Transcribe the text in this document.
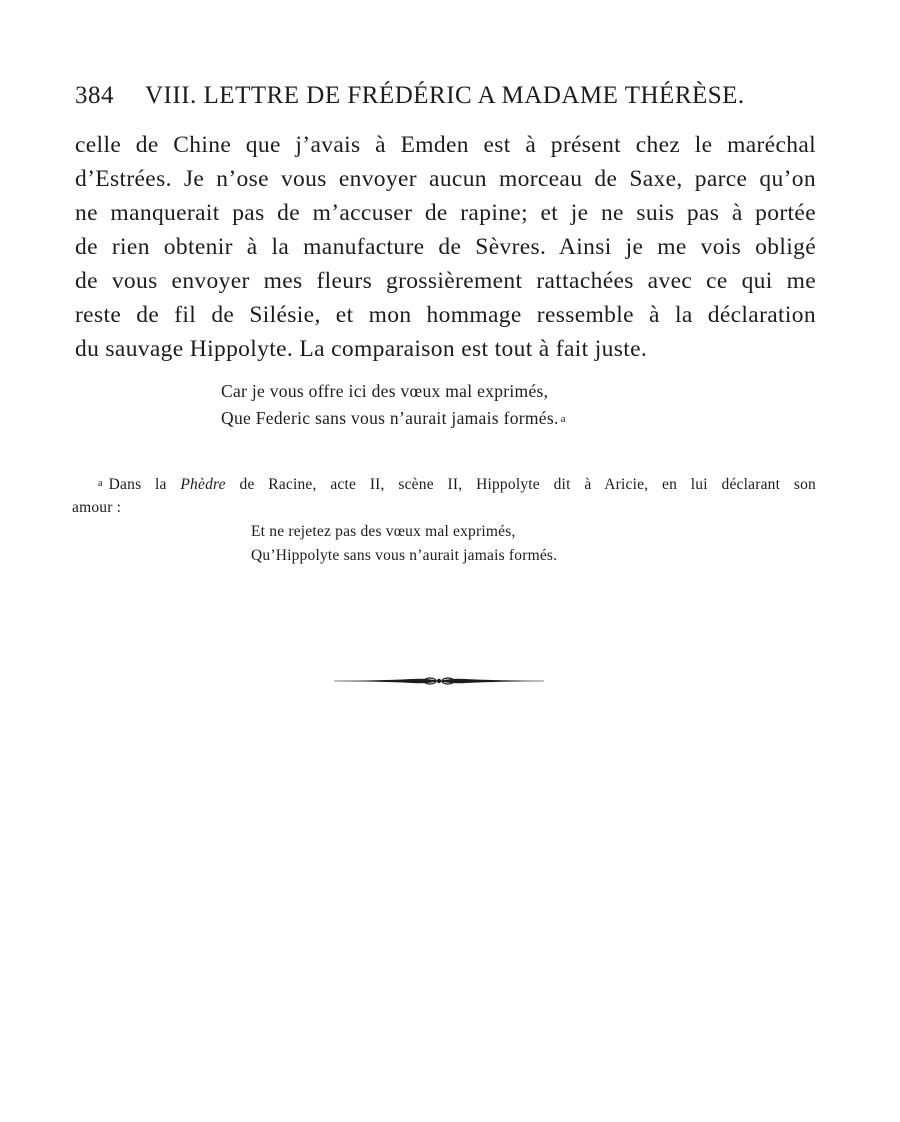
384 VIII. LETTRE DE FRÉDÉRIC A MADAME THÉRÈSE.
celle de Chine que j’avais à Emden est à présent chez le maréchal
d’Estrées. Je n’ose vous envoyer aucun morceau de Saxe, parce qu’on
ne manquerait pas de m’accuser de rapine; et je ne suis pas à portée
de rien obtenir à la manufacture de Sèvres. Ainsi je me vois obligé
de vous envoyer mes fleurs grossièrement rattachées avec ce qui me
reste de fil de Silésie, et mon hommage ressemble à la déclaration
du sauvage Hippolyte. La comparaison est tout à fait juste.
Car je vous offre ici des vœux mal exprimés,
Que Federic sans vous n’aurait jamais formés. a
a Dans la Phèdre de Racine, acte II, scène II, Hippolyte dit à Aricie, en lui déclarant son
amour :
Et ne rejetez pas des vœux mal exprimés,
Qu’Hippolyte sans vous n’aurait jamais formés.
